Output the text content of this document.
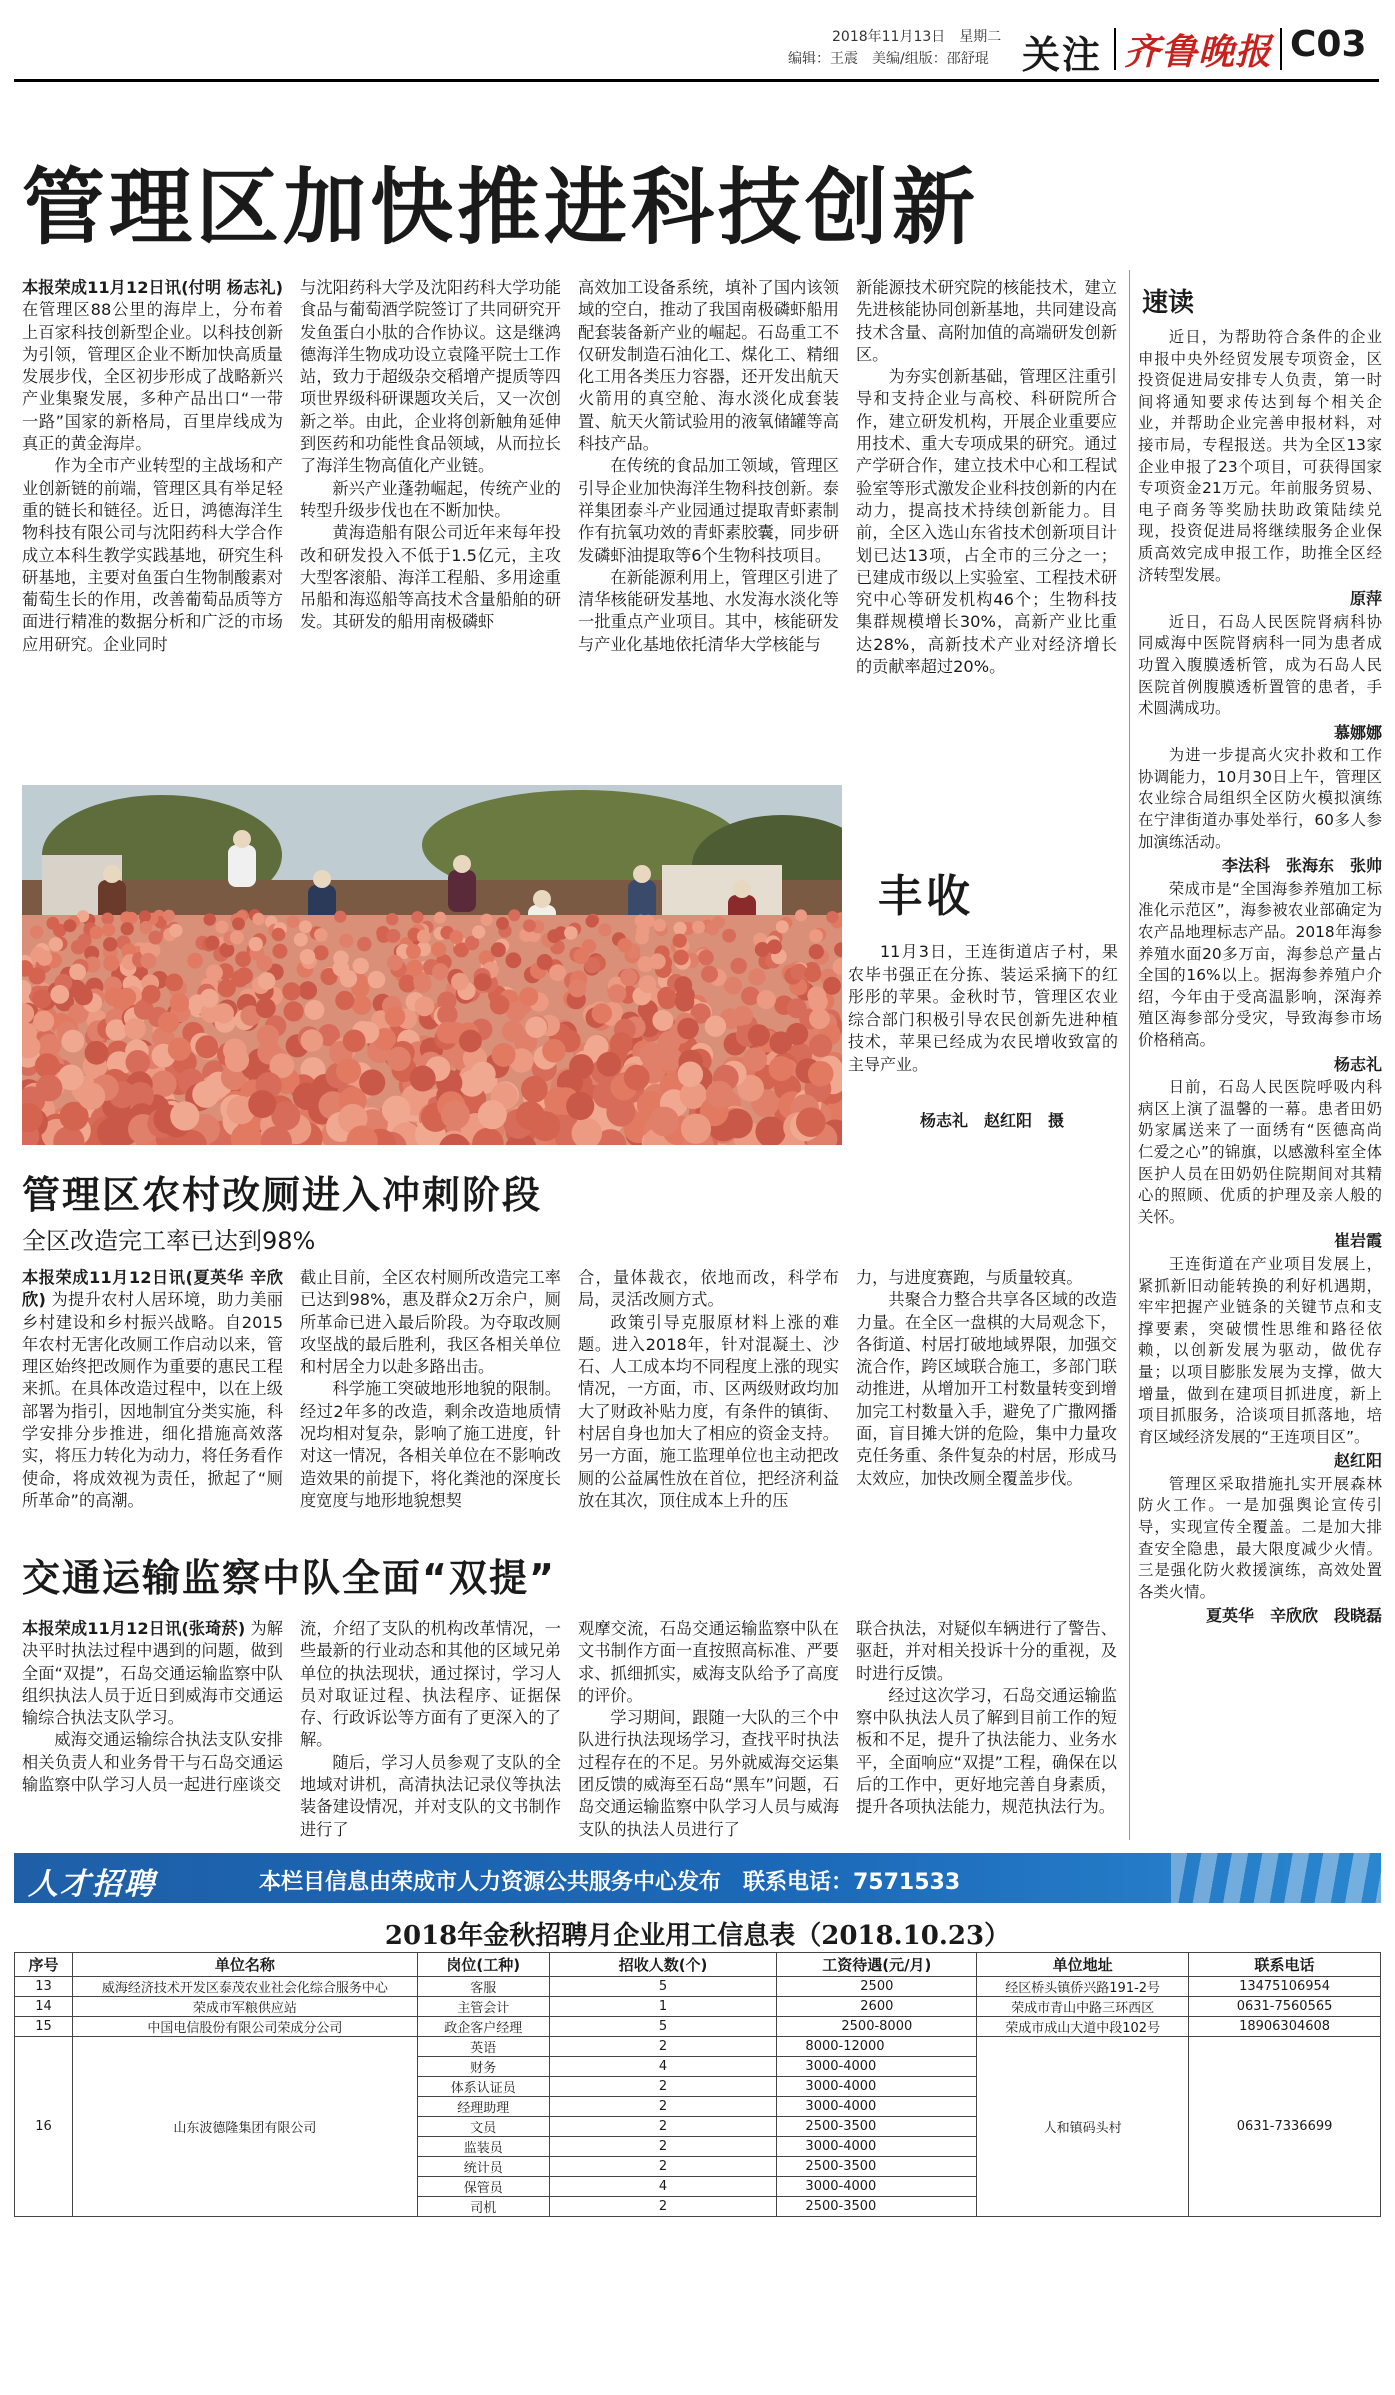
2018年11月13日　 星期二
编辑：王震　美编/组版：邵舒琨 关注 齐鲁晚报 C03
管理区加快推进科技创新
本报荣成11月12日讯(付明 杨志礼) 在管理区88公里的海岸上，分布着上百家科技创新型企业。以科技创新为引领，管理区企业不断加快高质量发展步伐，全区初步形成了战略新兴产业集聚发展，多种产品出口“一带一路”国家的新格局，百里岸线成为真正的黄金海岸。

作为全市产业转型的主战场和产业创新链的前端，管理区具有举足轻重的链长和链径。近日，鸿德海洋生物科技有限公司与沈阳药科大学合作成立本科生教学实践基地，研究生科研基地，主要对鱼蛋白生物制酸素对葡萄生长的作用，改善葡萄品质等方面进行精准的数据分析和广泛的市场应用研究。企业同时

与沈阳药科大学及沈阳药科大学功能食品与葡萄酒学院签订了共同研究开发鱼蛋白小肽的合作协议。这是继鸿德海洋生物成功设立袁隆平院士工作站，致力于超级杂交稻增产提质等四项世界级科研课题攻关后，又一次创新之举。由此，企业将创新触角延伸到医药和功能性食品领域，从而拉长了海洋生物高值化产业链。

新兴产业蓬勃崛起，传统产业的转型升级步伐也在不断加快。

黄海造船有限公司近年来每年投改和研发投入不低于1.5亿元，主攻大型客滚船、海洋工程船、多用途重吊船和海巡船等高技术含量船舶的研发。其研发的船用南极磷虾

高效加工设备系统，填补了国内该领域的空白，推动了我国南极磷虾船用配套装备新产业的崛起。石岛重工不仅研发制造石油化工、煤化工、精细化工用各类压力容器，还开发出航天火箭用的真空舱、海水淡化成套装置、航天火箭试验用的液氧储罐等高科技产品。

在传统的食品加工领域，管理区引导企业加快海洋生物科技创新。泰祥集团泰斗产业园通过提取青虾素制作有抗氧功效的青虾素胶囊，同步研发磷虾油提取等6个生物科技项目。

在新能源利用上，管理区引进了清华核能研发基地、水发海水淡化等一批重点产业项目。其中，核能研发与产业化基地依托清华大学核能与

新能源技术研究院的核能技术，建立先进核能协同创新基地，共同建设高技术含量、高附加值的高端研发创新区。

为夯实创新基础，管理区注重引导和支持企业与高校、科研院所合作，建立研发机构，开展企业重要应用技术、重大专项成果的研究。通过产学研合作，建立技术中心和工程试验室等形式激发企业科技创新的内在动力，提高技术持续创新能力。目前，全区入选山东省技术创新项目计划已达13项，占全市的三分之一；已建成市级以上实验室、工程技术研究中心等研发机构46个；生物科技集群规模增长30%，高新产业比重达28%，高新技术产业对经济增长的贡献率超过20%。

丰收
11月3日，王连街道店子村，果农毕书强正在分拣、装运采摘下的红彤彤的苹果。金秋时节，管理区农业综合部门积极引导农民创新先进种植技术，苹果已经成为农民增收致富的主导产业。
杨志礼　赵红阳　摄
管理区农村改厕进入冲刺阶段
全区改造完工率已达到98%
本报荣成11月12日讯(夏英华 辛欣欣) 为提升农村人居环境，助力美丽乡村建设和乡村振兴战略。自2015年农村无害化改厕工作启动以来，管理区始终把改厕作为重要的惠民工程来抓。在具体改造过程中，以在上级部署为指引，因地制宜分类实施，科学安排分步推进，细化措施高效落实，将压力转化为动力，将任务看作使命，将成效视为责任，掀起了“厕所革命”的高潮。

截止目前，全区农村厕所改造完工率已达到98%，惠及群众2万余户，厕所革命已进入最后阶段。为夺取改厕攻坚战的最后胜利，我区各相关单位和村居全力以赴多路出击。

科学施工突破地形地貌的限制。经过2年多的改造，剩余改造地质情况均相对复杂，影响了施工进度，针对这一情况，各相关单位在不影响改造效果的前提下，将化粪池的深度长度宽度与地形地貌想契

合，量体裁衣，依地而改，科学布局，灵活改厕方式。

政策引导克服原材料上涨的难题。进入2018年，针对混凝土、沙石、人工成本均不同程度上涨的现实情况，一方面，市、区两级财政均加大了财政补贴力度，有条件的镇街、村居自身也加大了相应的资金支持。另一方面，施工监理单位也主动把改厕的公益属性放在首位，把经济利益放在其次，顶住成本上升的压

力，与进度赛跑，与质量较真。

共聚合力整合共享各区域的改造力量。在全区一盘棋的大局观念下，各街道、村居打破地域界限，加强交流合作，跨区域联合施工，多部门联动推进，从增加开工村数量转变到增加完工村数量入手，避免了广撒网播面，盲目摊大饼的危险，集中力量攻克任务重、条件复杂的村居，形成马太效应，加快改厕全覆盖步伐。

交通运输监察中队全面“双提”
本报荣成11月12日讯(张琦菸) 为解决平时执法过程中遇到的问题，做到全面“双提”，石岛交通运输监察中队组织执法人员于近日到威海市交通运输综合执法支队学习。

威海交通运输综合执法支队安排相关负责人和业务骨干与石岛交通运输监察中队学习人员一起进行座谈交

流，介绍了支队的机构改革情况，一些最新的行业动态和其他的区域兄弟单位的执法现状，通过探讨，学习人员对取证过程、执法程序、证据保存、行政诉讼等方面有了更深入的了解。

随后，学习人员参观了支队的全地域对讲机，高清执法记录仪等执法装备建设情况，并对支队的文书制作进行了

观摩交流，石岛交通运输监察中队在文书制作方面一直按照高标准、严要求、抓细抓实，威海支队给予了高度的评价。

学习期间，跟随一大队的三个中队进行执法现场学习，查找平时执法过程存在的不足。另外就威海交运集团反馈的威海至石岛“黑车”问题，石岛交通运输监察中队学习人员与威海支队的执法人员进行了

联合执法，对疑似车辆进行了警告、驱赶，并对相关投诉十分的重视，及时进行反馈。

经过这次学习，石岛交通运输监察中队执法人员了解到目前工作的短板和不足，提升了执法能力、业务水平，全面响应“双提”工程，确保在以后的工作中，更好地完善自身素质，提升各项执法能力，规范执法行为。

速读

近日，为帮助符合条件的企业申报中央外经贸发展专项资金，区投资促进局安排专人负责，第一时间将通知要求传达到每个相关企业，并帮助企业完善申报材料，对接市局，专程报送。共为全区13家企业申报了23个项目，可获得国家专项资金21万元。年前服务贸易、电子商务等奖励扶助政策陆续兑现，投资促进局将继续服务企业保质高效完成申报工作，助推全区经济转型发展。

原萍

近日，石岛人民医院肾病科协同威海中医院肾病科一同为患者成功置入腹膜透析管，成为石岛人民医院首例腹膜透析置管的患者，手术圆满成功。

慕娜娜

为进一步提高火灾扑救和工作协调能力，10月30日上午，管理区农业综合局组织全区防火模拟演练在宁津街道办事处举行，60多人参加演练活动。

李法科　张海东　张帅

荣成市是“全国海参养殖加工标准化示范区”，海参被农业部确定为农产品地理标志产品。2018年海参养殖水面20多万亩，海参总产量占全国的16%以上。据海参养殖户介绍，今年由于受高温影响，深海养殖区海参部分受灾，导致海参市场价格稍高。

杨志礼

日前，石岛人民医院呼吸内科病区上演了温馨的一幕。患者田奶奶家属送来了一面绣有“医德高尚　仁爱之心”的锦旗，以感激科室全体医护人员在田奶奶住院期间对其精心的照顾、优质的护理及亲人般的关怀。

崔岩霞

王连街道在产业项目发展上，紧抓新旧动能转换的利好机遇期，牢牢把握产业链条的关键节点和支撑要素，突破惯性思维和路径依赖，以创新发展为驱动，做优存量；以项目膨胀发展为支撑，做大增量，做到在建项目抓进度，新上项目抓服务，洽谈项目抓落地，培育区域经济发展的“王连项目区”。

赵红阳

管理区采取措施扎实开展森林防火工作。一是加强舆论宣传引导，实现宣传全覆盖。二是加大排查安全隐患，最大限度减少火情。三是强化防火救援演练，高效处置各类火情。

夏英华　辛欣欣　段晓磊
人才招聘	本栏目信息由荣成市人力资源公共服务中心发布　联系电话：7571533
2018年金秋招聘月企业用工信息表（2018.10.23）
序号	单位名称	岗位(工种)	招收人数(个)	工资待遇(元/月)	单位地址	联系电话
13	威海经济技术开发区泰茂农业社会化综合服务中心	客服	5	2500	经区桥头镇侨兴路191-2号	13475106954
14	荣成市军粮供应站	主管会计	1	2600	荣成市青山中路三环西区	0631-7560565
15	中国电信股份有限公司荣成分公司	政企客户经理	5	2500-8000	荣成市成山大道中段102号	18906304608
16	山东波德隆集团有限公司	英语	2	8000-12000	人和镇码头村	0631-7336699
		财务	4	3000-4000		
		体系认证员	2	3000-4000		
		经理助理	2	3000-4000		
		文员	2	2500-3500		
		监装员	2	3000-4000		
		统计员	2	2500-3500		
		保管员	4	3000-4000		
		司机	2	2500-3500		
